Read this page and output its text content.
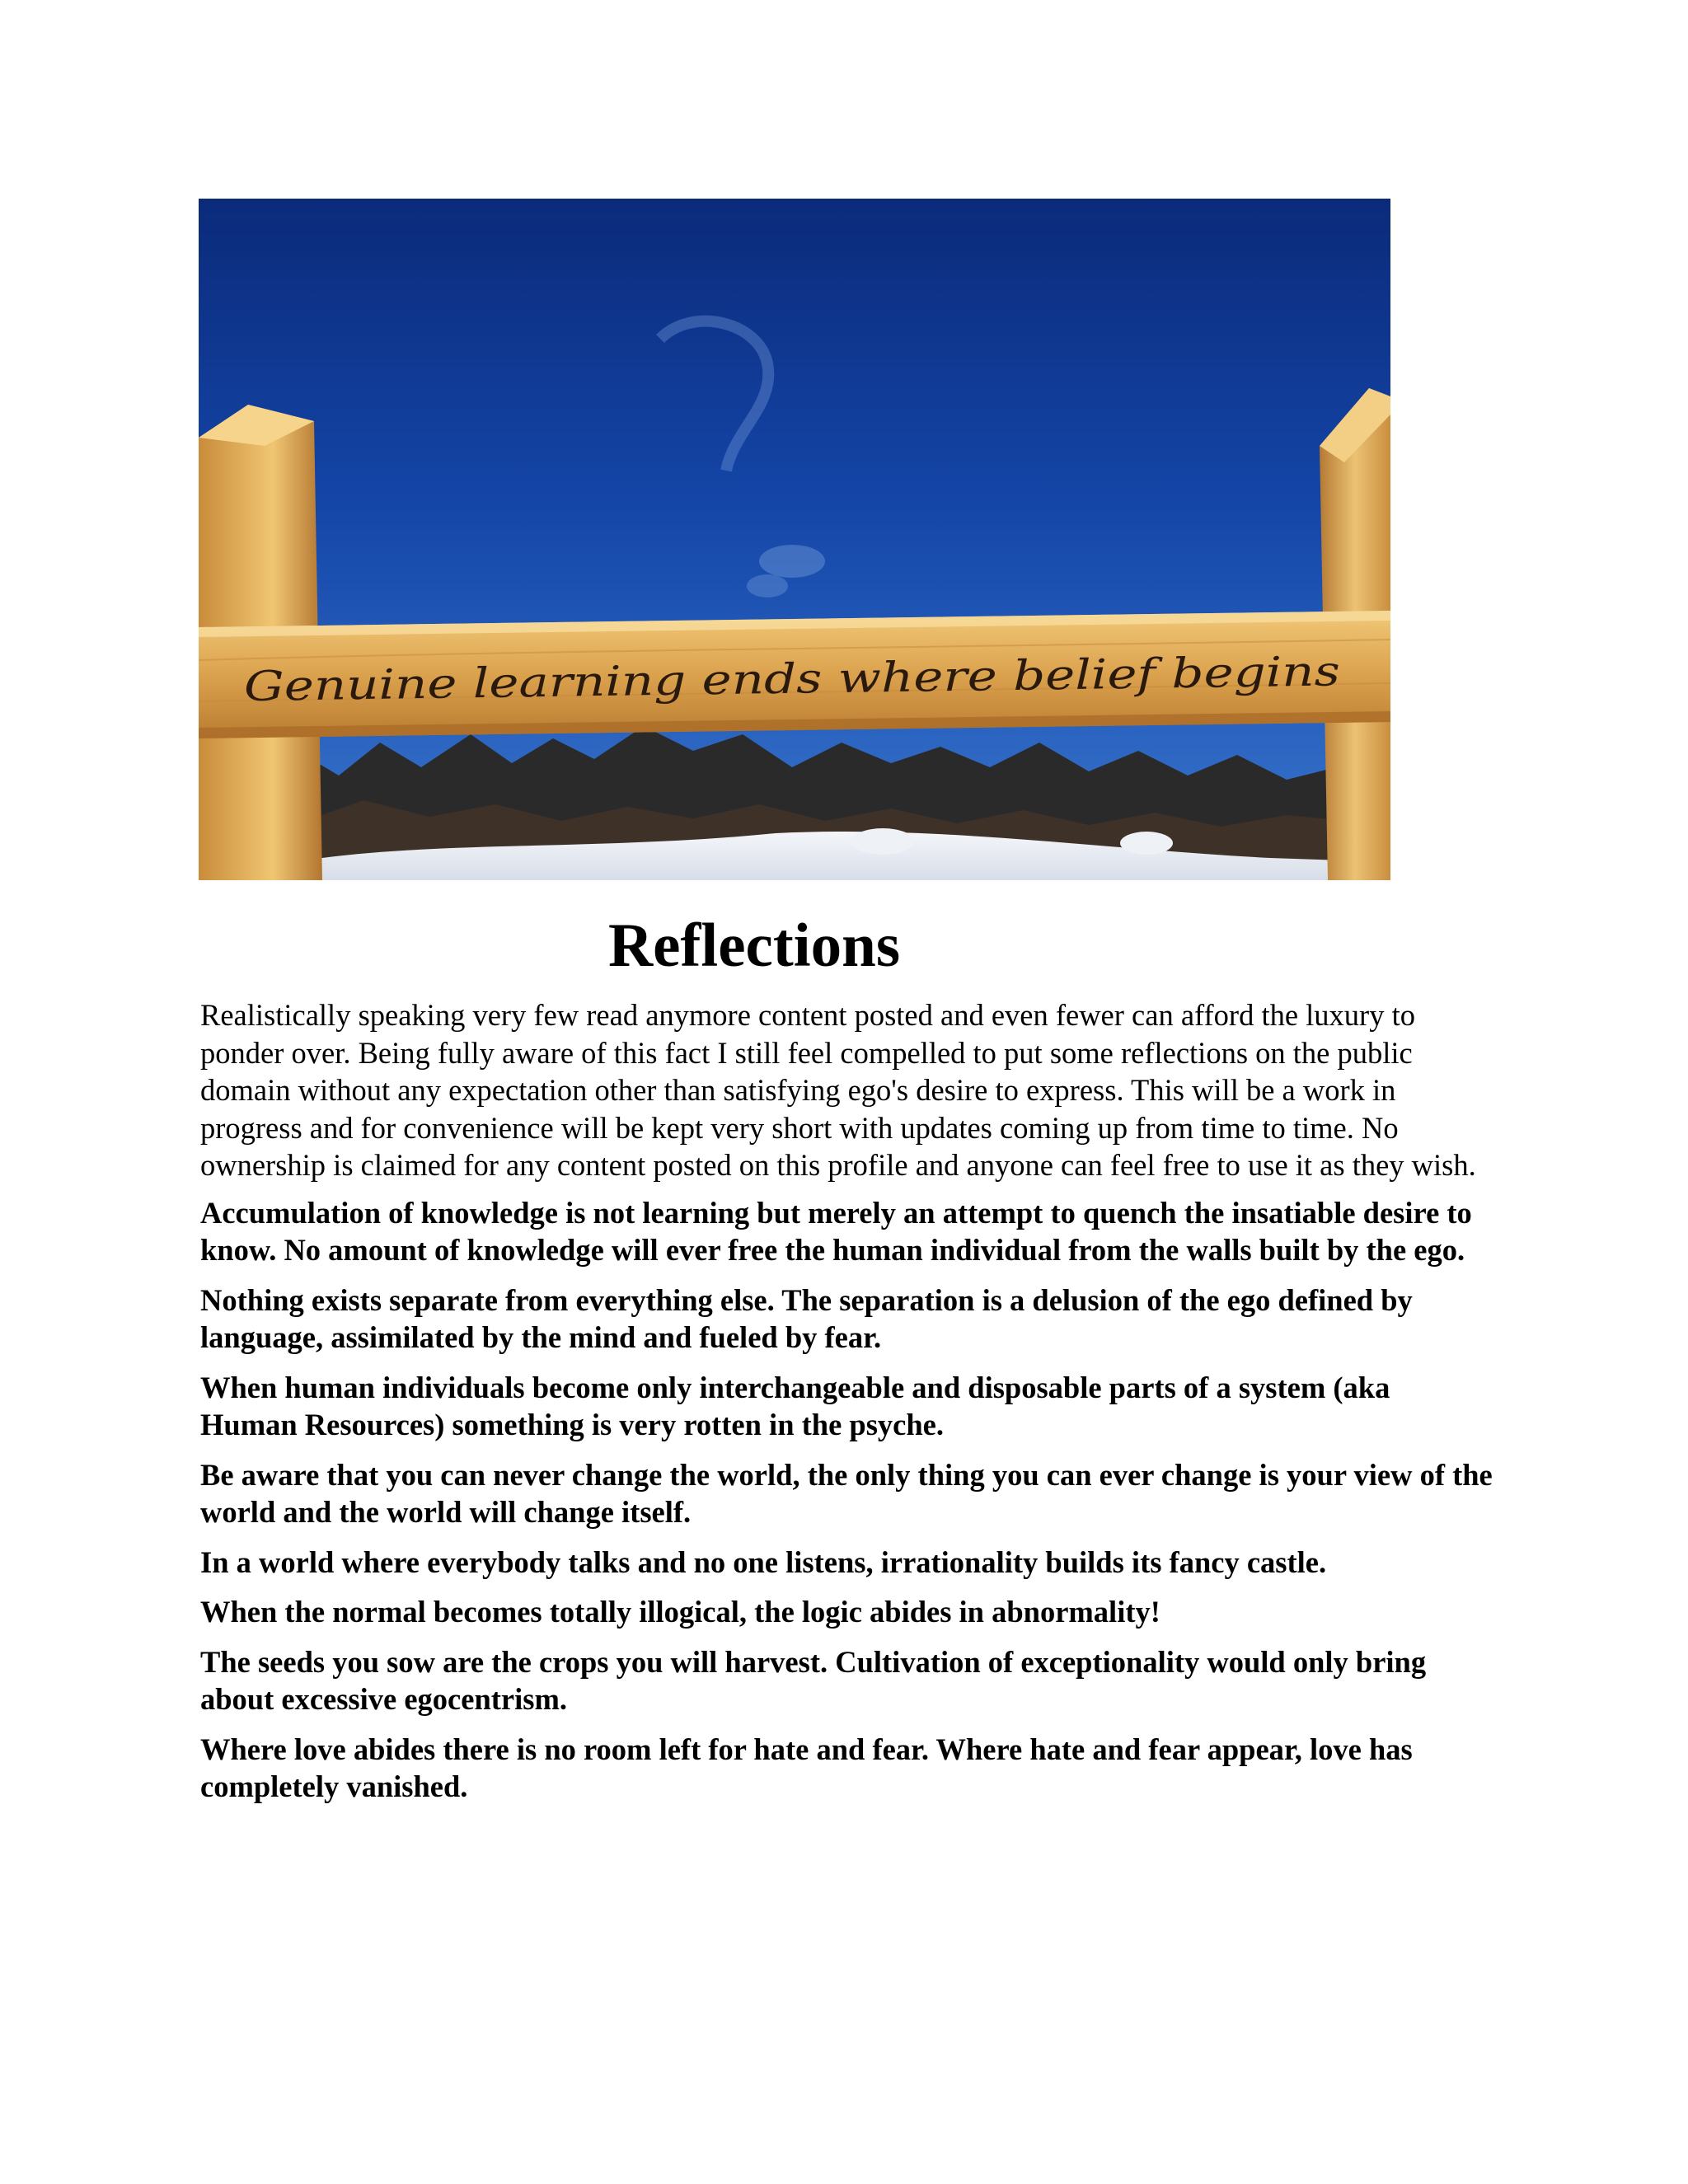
Genuine learning ends where belief begins
Reflections

Realistically speaking very few read anymore content posted and even fewer can afford the luxury to ponder over. Being fully aware of this fact I still feel compelled to put some reflections on the public domain without any expectation other than satisfying ego's desire to express. This will be a work in progress and for convenience will be kept very short with updates coming up from time to time. No ownership is claimed for any content posted on this profile and anyone can feel free to use it as they wish.

Accumulation of knowledge is not learning but merely an attempt to quench the insatiable desire to know. No amount of knowledge will ever free the human individual from the walls built by the ego.

Nothing exists separate from everything else. The separation is a delusion of the ego defined by language, assimilated by the mind and fueled by fear.

When human individuals become only interchangeable and disposable parts of a system (aka Human Resources) something is very rotten in the psyche.

Be aware that you can never change the world, the only thing you can ever change is your view of the world and the world will change itself.

In a world where everybody talks and no one listens, irrationality builds its fancy castle.

When the normal becomes totally illogical, the logic abides in abnormality!

The seeds you sow are the crops you will harvest. Cultivation of exceptionality would only bring about excessive egocentrism.

Where love abides there is no room left for hate and fear. Where hate and fear appear, love has completely vanished.
